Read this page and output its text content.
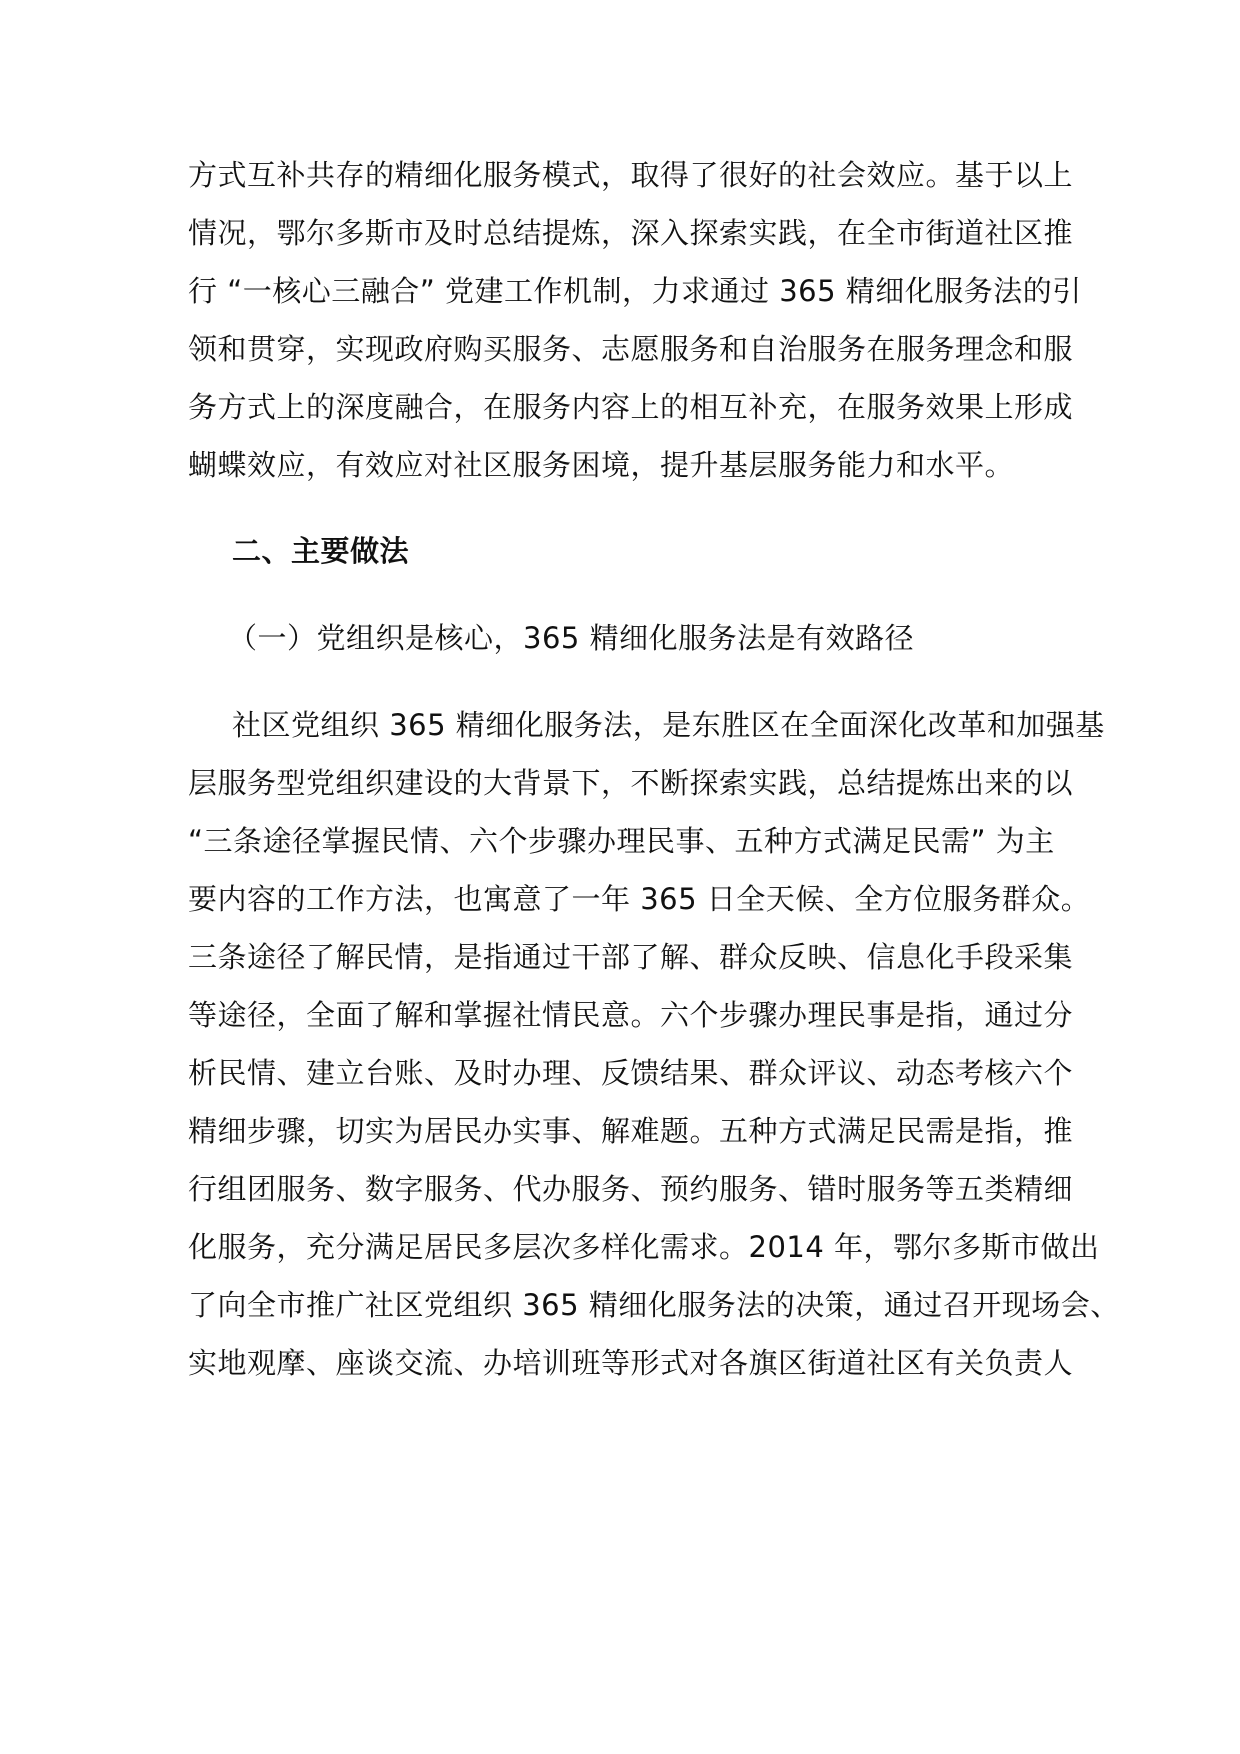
方式互补共存的精细化服务模式，取得了很好的社会效应。基于以上
情况，鄂尔多斯市及时总结提炼，深入探索实践，在全市街道社区推
行 “一核心三融合” 党建工作机制，力求通过 365 精细化服务法的引
领和贯穿，实现政府购买服务、志愿服务和自治服务在服务理念和服
务方式上的深度融合，在服务内容上的相互补充，在服务效果上形成
蝴蝶效应，有效应对社区服务困境，提升基层服务能力和水平。
二、主要做法
（一）党组织是核心，365 精细化服务法是有效路径
社区党组织 365 精细化服务法，是东胜区在全面深化改革和加强基
层服务型党组织建设的大背景下，不断探索实践，总结提炼出来的以
“三条途径掌握民情、六个步骤办理民事、五种方式满足民需” 为主
要内容的工作方法，也寓意了一年 365 日全天候、全方位服务群众。
三条途径了解民情，是指通过干部了解、群众反映、信息化手段采集
等途径，全面了解和掌握社情民意。六个步骤办理民事是指，通过分
析民情、建立台账、及时办理、反馈结果、群众评议、动态考核六个
精细步骤，切实为居民办实事、解难题。五种方式满足民需是指，推
行组团服务、数字服务、代办服务、预约服务、错时服务等五类精细
化服务，充分满足居民多层次多样化需求。2014 年，鄂尔多斯市做出
了向全市推广社区党组织 365 精细化服务法的决策，通过召开现场会、
实地观摩、座谈交流、办培训班等形式对各旗区街道社区有关负责人
